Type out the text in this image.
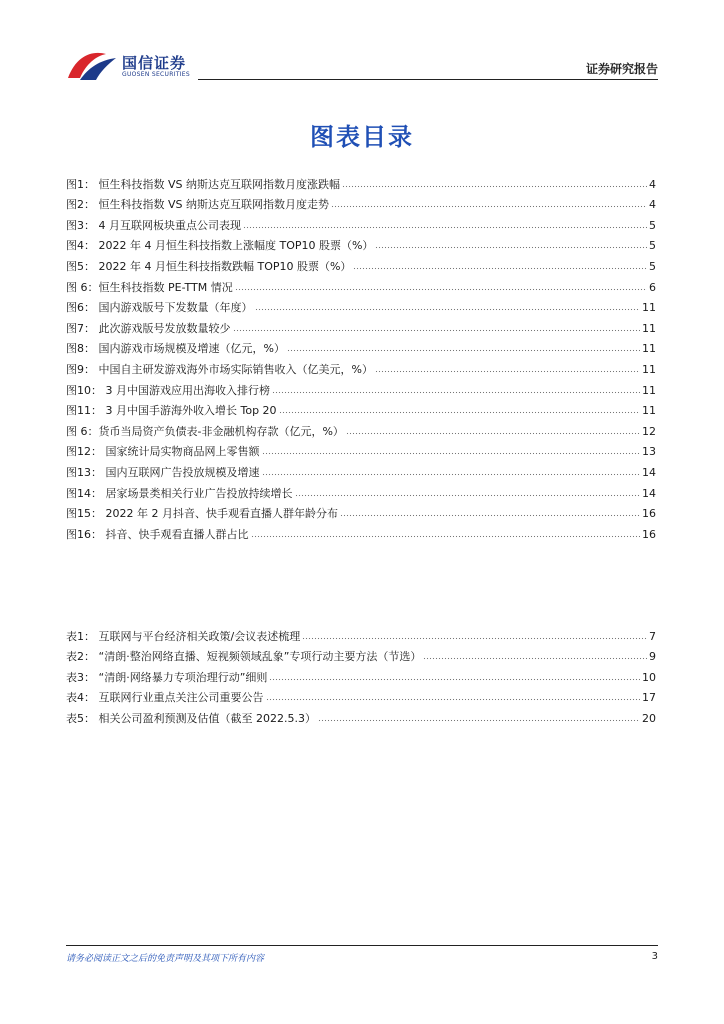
国信证券
GUOSEN SECURITIES	证券研究报告
图表目录
图1： 恒生科技指数 VS 纳斯达克互联网指数月度涨跌幅	4
图2： 恒生科技指数 VS 纳斯达克互联网指数月度走势	4
图3： 4 月互联网板块重点公司表现	5
图4： 2022 年 4 月恒生科技指数上涨幅度 TOP10 股票（%）	5
图5： 2022 年 4 月恒生科技指数跌幅 TOP10 股票（%）	5
图 6：恒生科技指数 PE-TTM 情况	6
图6： 国内游戏版号下发数量（年度）	11
图7： 此次游戏版号发放数量较少	11
图8： 国内游戏市场规模及增速（亿元，%）	11
图9： 中国自主研发游戏海外市场实际销售收入（亿美元，%）	11
图10： 3 月中国游戏应用出海收入排行榜	11
图11： 3 月中国手游海外收入增长 Top 20	11
图 6：货币当局资产负债表-非金融机构存款（亿元，%）	12
图12： 国家统计局实物商品网上零售额	13
图13： 国内互联网广告投放规模及增速	14
图14： 居家场景类相关行业广告投放持续增长	14
图15： 2022 年 2 月抖音、快手观看直播人群年龄分布	16
图16： 抖音、快手观看直播人群占比	16
表1： 互联网与平台经济相关政策/会议表述梳理	7
表2： “清朗·整治网络直播、短视频领域乱象”专项行动主要方法（节选）	9
表3： “清朗·网络暴力专项治理行动”细则	10
表4： 互联网行业重点关注公司重要公告	17
表5： 相关公司盈利预测及估值（截至 2022.5.3）	20
请务必阅读正文之后的免责声明及其项下所有内容	3
